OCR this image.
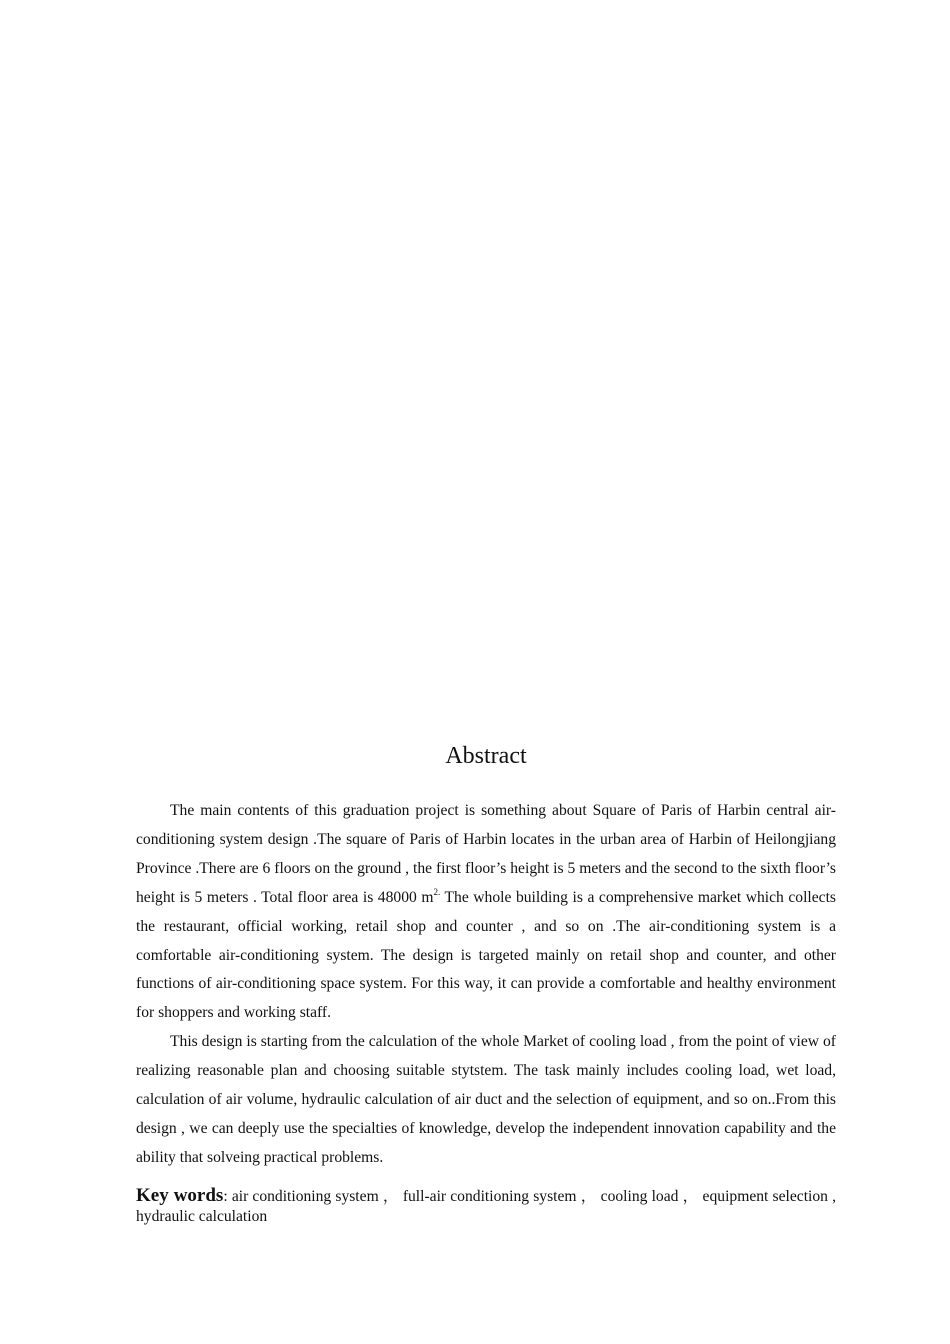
Abstract

The main contents of this graduation project is something about Square of Paris of Harbin central air-conditioning system design .The square of Paris of Harbin locates in the urban area of Harbin of Heilongjiang Province .There are 6 floors on the ground , the first floor’s height is 5 meters and the second to the sixth floor’s height is 5 meters . Total floor area is 48000 $m^{2.}$ The whole building is a comprehensive market which collects the restaurant, official working, retail shop and counter , and so on .The air-conditioning system is a comfortable air-conditioning system. The design is targeted mainly on retail shop and counter, and other functions of air-conditioning space system. For this way, it can provide a comfortable and healthy environment for shoppers and working staff.

This design is starting from the calculation of the whole Market of cooling load , from the point of view of realizing reasonable plan and choosing suitable stytstem. The task mainly includes cooling load, wet load, calculation of air volume, hydraulic calculation of air duct and the selection of equipment, and so on..From this design , we can deeply use the specialties of knowledge, develop the independent innovation capability and the ability that solveing practical problems.

Key words: air conditioning system ， full-air conditioning system ， cooling load ， equipment selection , hydraulic calculation
